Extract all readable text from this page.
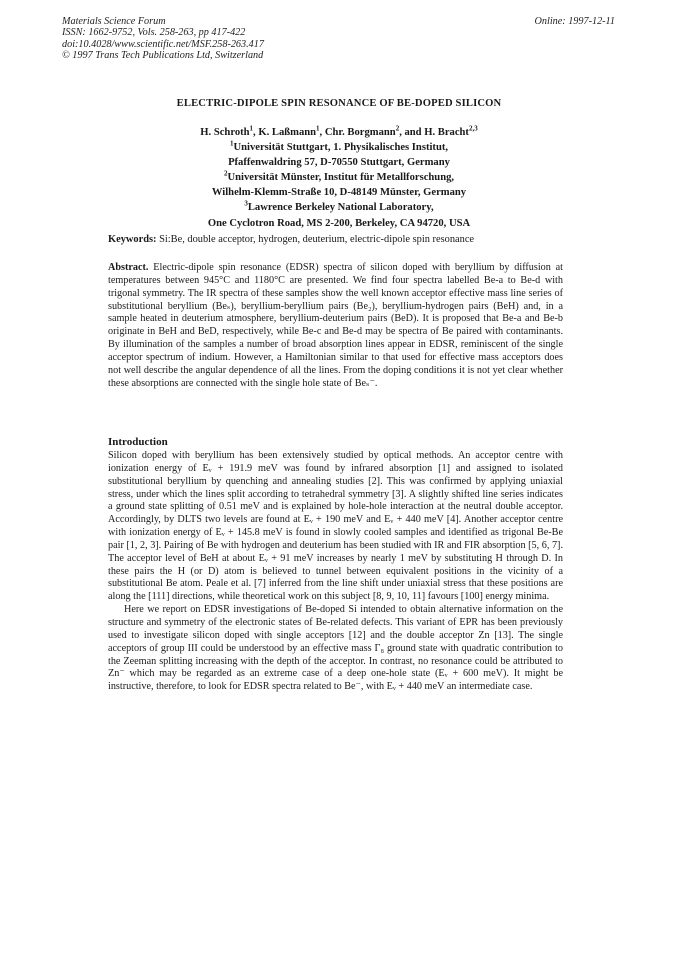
Materials Science Forum
ISSN: 1662-9752, Vols. 258-263, pp 417-422
doi:10.4028/www.scientific.net/MSF.258-263.417
© 1997 Trans Tech Publications Ltd, Switzerland
Online: 1997-12-11
ELECTRIC-DIPOLE SPIN RESONANCE OF BE-DOPED SILICON
H. Schroth$^1$, K. Laßmann$^1$, Chr. Borgmann$^2$, and H. Bracht$^{2,3}$
$^1$Universität Stuttgart, 1. Physikalisches Institut,
Pfaffenwaldring 57, D-70550 Stuttgart, Germany
$^2$Universität Münster, Institut für Metallforschung,
Wilhelm-Klemm-Straße 10, D-48149 Münster, Germany
$^3$Lawrence Berkeley National Laboratory,
One Cyclotron Road, MS 2-200, Berkeley, CA 94720, USA
Keywords: Si:Be, double acceptor, hydrogen, deuterium, electric-dipole spin resonance
Abstract. Electric-dipole spin resonance (EDSR) spectra of silicon doped with beryllium by diffusion at temperatures between 945°C and 1180°C are presented. We find four spectra labelled Be-a to Be-d with trigonal symmetry. The IR spectra of these samples show the well known acceptor effective mass line series of substitutional beryllium (Beₛ), beryllium-beryllium pairs (Be₂), beryllium-hydrogen pairs (BeH) and, in a sample heated in deuterium atmosphere, beryllium-deuterium pairs (BeD). It is proposed that Be-a and Be-b originate in BeH and BeD, respectively, while Be-c and Be-d may be spectra of Be paired with contaminants. By illumination of the samples a number of broad absorption lines appear in EDSR, reminiscent of the single acceptor spectrum of indium. However, a Hamiltonian similar to that used for effective mass acceptors does not well describe the angular dependence of all the lines. From the doping conditions it is not yet clear whether these absorptions are connected with the single hole state of Beₛ⁻.
Introduction

Silicon doped with beryllium has been extensively studied by optical methods. An acceptor centre with ionization energy of Eᵥ + 191.9 meV was found by infrared absorption [1] and assigned to isolated substitutional beryllium by quenching and annealing studies [2]. This was confirmed by applying uniaxial stress, under which the lines split according to tetrahedral symmetry [3]. A slightly shifted line series indicates a ground state splitting of 0.51 meV and is explained by hole-hole interaction at the neutral double acceptor. Accordingly, by DLTS two levels are found at Eᵥ + 190 meV and Eᵥ + 440 meV [4]. Another acceptor centre with ionization energy of Eᵥ + 145.8 meV is found in slowly cooled samples and identified as trigonal Be-Be pair [1, 2, 3]. Pairing of Be with hydrogen and deuterium has been studied with IR and FIR absorption [5, 6, 7]. The acceptor level of BeH at about Eᵥ + 91 meV increases by nearly 1 meV by substituting H through D. In these pairs the H (or D) atom is believed to tunnel between equivalent positions in the vicinity of a substitutional Be atom. Peale et al. [7] inferred from the line shift under uniaxial stress that these positions are along the [111] directions, while theoretical work on this subject [8, 9, 10, 11] favours [100] energy minima.

Here we report on EDSR investigations of Be-doped Si intended to obtain alternative information on the structure and symmetry of the electronic states of Be-related defects. This variant of EPR has been previously used to investigate silicon doped with single acceptors [12] and the double acceptor Zn [13]. The single acceptors of group III could be understood by an effective mass Γ₈ ground state with quadratic contribution to the Zeeman splitting increasing with the depth of the acceptor. In contrast, no resonance could be attributed to Zn⁻ which may be regarded as an extreme case of a deep one-hole state (Eᵥ + 600 meV). It might be instructive, therefore, to look for EDSR spectra related to Be⁻, with Eᵥ + 440 meV an intermediate case.
